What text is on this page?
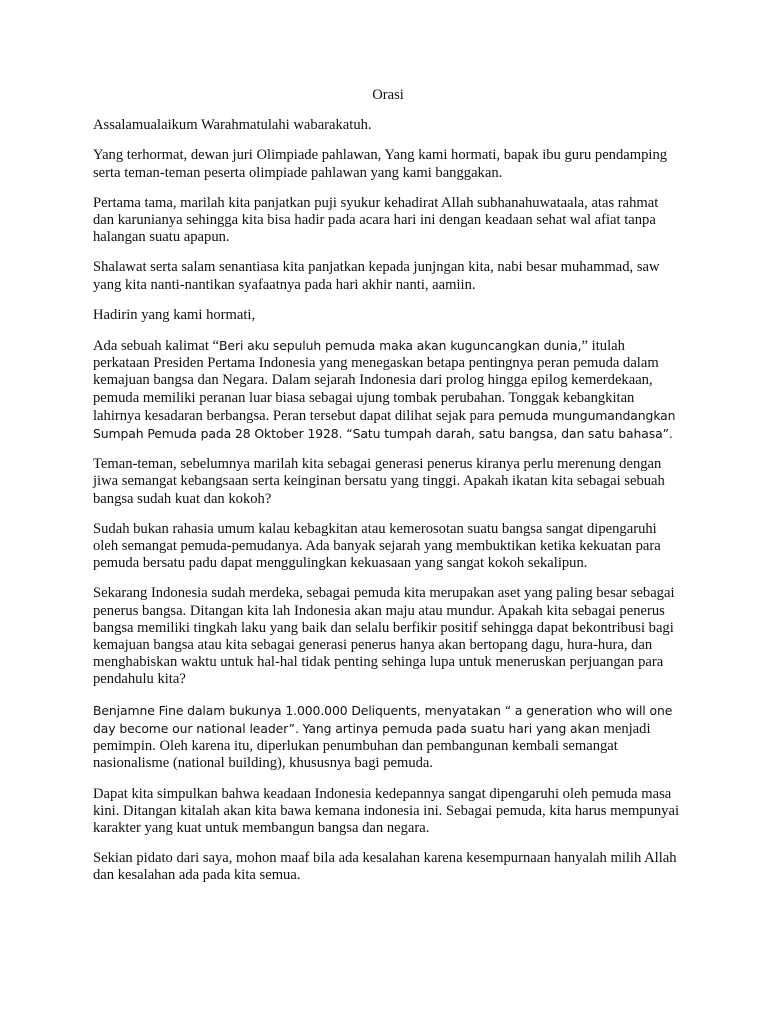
Orasi

Assalamualaikum Warahmatulahi wabarakatuh.

Yang terhormat, dewan juri Olimpiade pahlawan, Yang kami hormati, bapak ibu guru pendamping serta teman-teman peserta olimpiade pahlawan yang kami banggakan.

Pertama tama, marilah kita panjatkan puji syukur kehadirat Allah subhanahuwataala, atas rahmat dan karunianya sehingga kita bisa hadir pada acara hari ini dengan keadaan sehat wal afiat tanpa halangan suatu apapun.

Shalawat serta salam senantiasa kita panjatkan kepada junjngan kita, nabi besar muhammad, saw yang kita nanti-nantikan syafaatnya pada hari akhir nanti, aamiin.

Hadirin yang kami hormati,

Ada sebuah kalimat “Beri aku sepuluh pemuda maka akan kuguncangkan dunia,” itulah perkataan Presiden Pertama Indonesia yang menegaskan betapa pentingnya peran pemuda dalam kemajuan bangsa dan Negara. Dalam sejarah Indonesia dari prolog hingga epilog kemerdekaan, pemuda memiliki peranan luar biasa sebagai ujung tombak perubahan. Tonggak kebangkitan lahirnya kesadaran berbangsa. Peran tersebut dapat dilihat sejak para pemuda mungumandangkan Sumpah Pemuda pada 28 Oktober 1928. “Satu tumpah darah, satu bangsa, dan satu bahasa”.

Teman-teman, sebelumnya marilah kita sebagai generasi penerus kiranya perlu merenung dengan jiwa semangat kebangsaan serta keinginan bersatu yang tinggi. Apakah ikatan kita sebagai sebuah bangsa sudah kuat dan kokoh?

Sudah bukan rahasia umum kalau kebagkitan atau kemerosotan suatu bangsa sangat dipengaruhi oleh semangat pemuda-pemudanya. Ada banyak sejarah yang membuktikan ketika kekuatan para pemuda bersatu padu dapat menggulingkan kekuasaan yang sangat kokoh sekalipun.

Sekarang Indonesia sudah merdeka, sebagai pemuda kita merupakan aset yang paling besar sebagai penerus bangsa. Ditangan kita lah Indonesia akan maju atau mundur. Apakah kita sebagai penerus bangsa memiliki tingkah laku yang baik dan selalu berfikir positif sehingga dapat bekontribusi bagi kemajuan bangsa atau kita sebagai generasi penerus hanya akan bertopang dagu, hura-hura, dan menghabiskan waktu untuk hal-hal tidak penting sehinga lupa untuk meneruskan perjuangan para pendahulu kita?

Benjamne Fine dalam bukunya 1.000.000 Deliquents, menyatakan “ a generation who will one day become our national leader”. Yang artinya pemuda pada suatu hari yang akan menjadi pemimpin. Oleh karena itu, diperlukan penumbuhan dan pembangunan kembali semangat nasionalisme (national building), khususnya bagi pemuda.

Dapat kita simpulkan bahwa keadaan Indonesia kedepannya sangat dipengaruhi oleh pemuda masa kini. Ditangan kitalah akan kita bawa kemana indonesia ini. Sebagai pemuda, kita harus mempunyai karakter yang kuat untuk membangun bangsa dan negara.

Sekian pidato dari saya, mohon maaf bila ada kesalahan karena kesempurnaan hanyalah milih Allah dan kesalahan ada pada kita semua.
